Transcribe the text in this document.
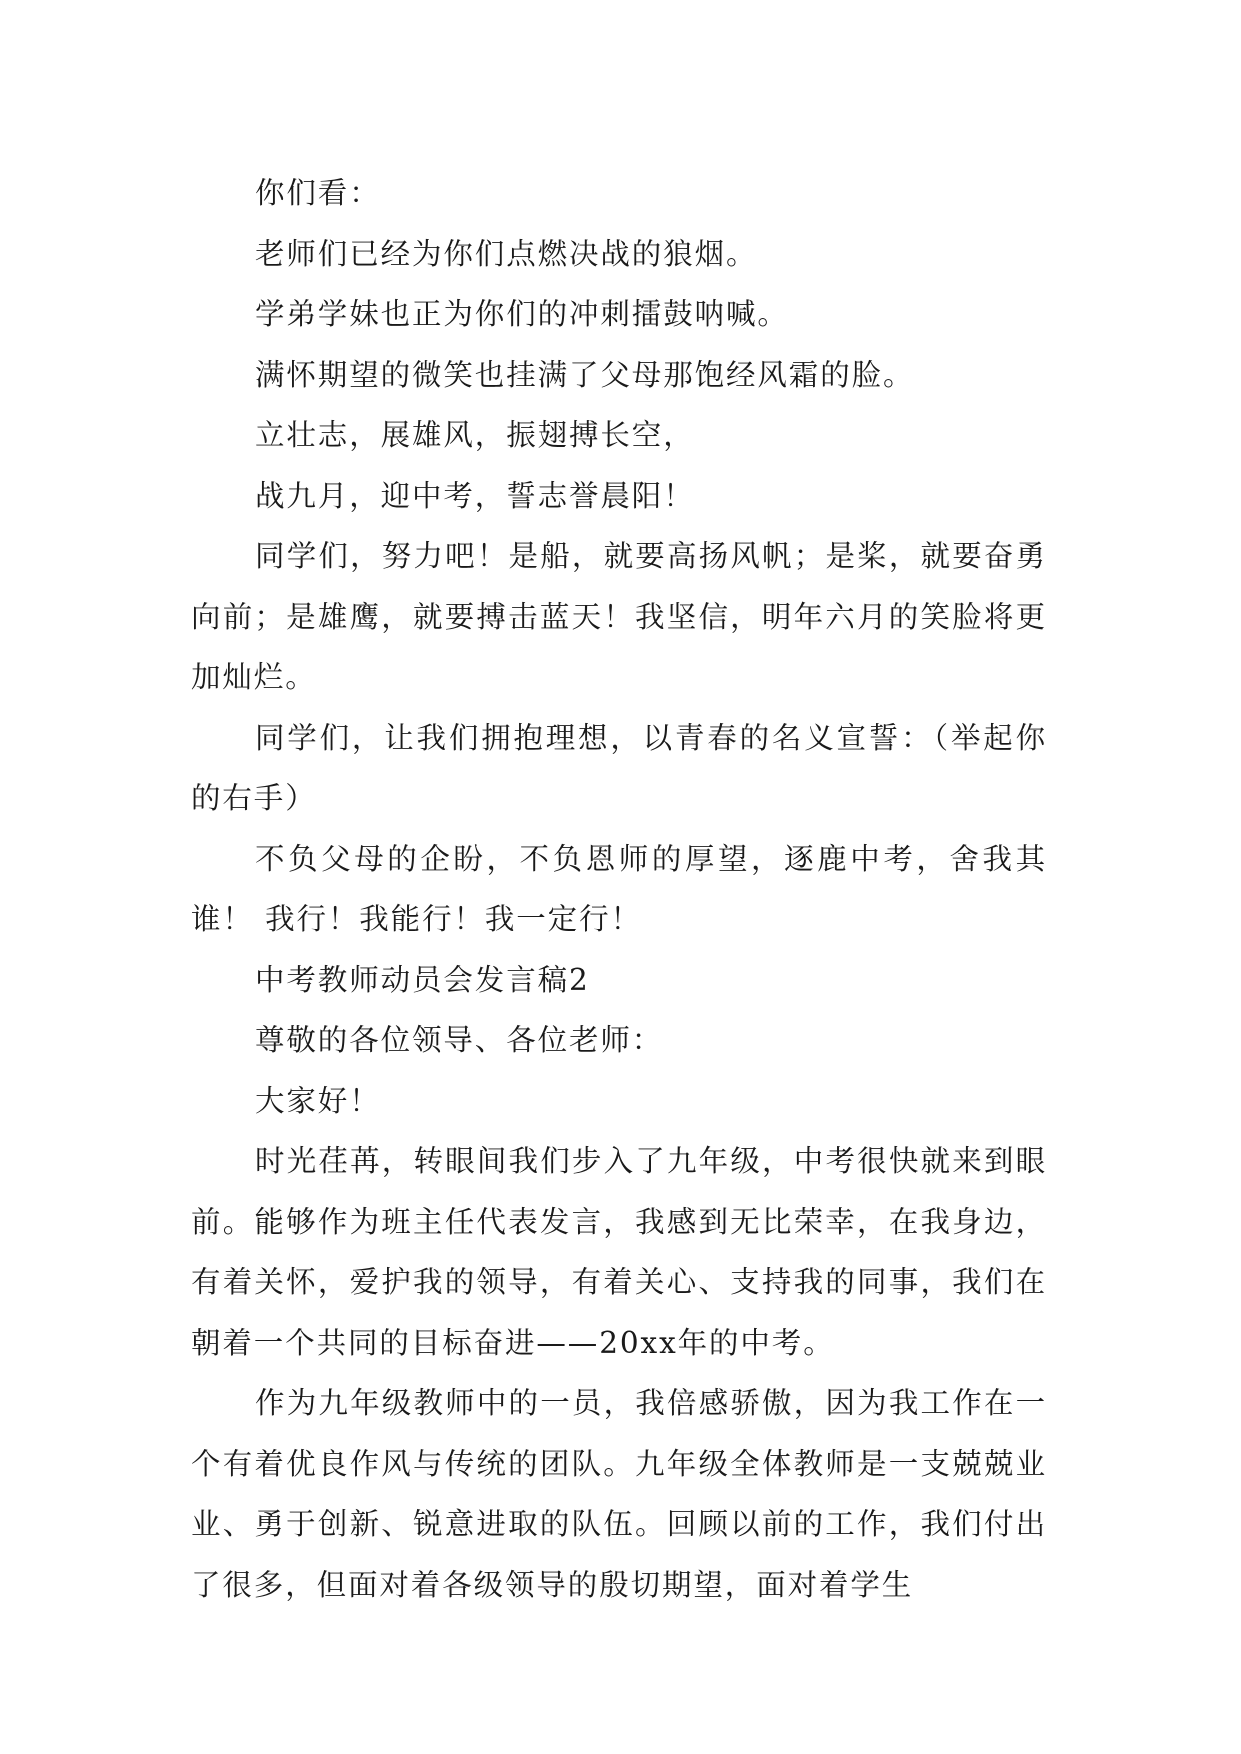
你们看：

老师们已经为你们点燃决战的狼烟。

学弟学妹也正为你们的冲刺擂鼓呐喊。

满怀期望的微笑也挂满了父母那饱经风霜的脸。

立壮志，展雄风，振翅搏长空，

战九月，迎中考，誓志誉晨阳！

同学们，努力吧！是船，就要高扬风帆；是桨，就要奋勇向前；是雄鹰，就要搏击蓝天！我坚信，明年六月的笑脸将更加灿烂。

同学们，让我们拥抱理想，以青春的名义宣誓：（举起你的右手）

不负父母的企盼，不负恩师的厚望，逐鹿中考，舍我其谁！ 我行！我能行！我一定行！

中考教师动员会发言稿2

尊敬的各位领导、各位老师：

大家好！

时光荏苒，转眼间我们步入了九年级，中考很快就来到眼前。能够作为班主任代表发言，我感到无比荣幸，在我身边，有着关怀，爱护我的领导，有着关心、支持我的同事，我们在朝着一个共同的目标奋进——20xx年的中考。

作为九年级教师中的一员，我倍感骄傲，因为我工作在一个有着优良作风与传统的团队。九年级全体教师是一支兢兢业业、勇于创新、锐意进取的队伍。回顾以前的工作，我们付出了很多，但面对着各级领导的殷切期望，面对着学生
